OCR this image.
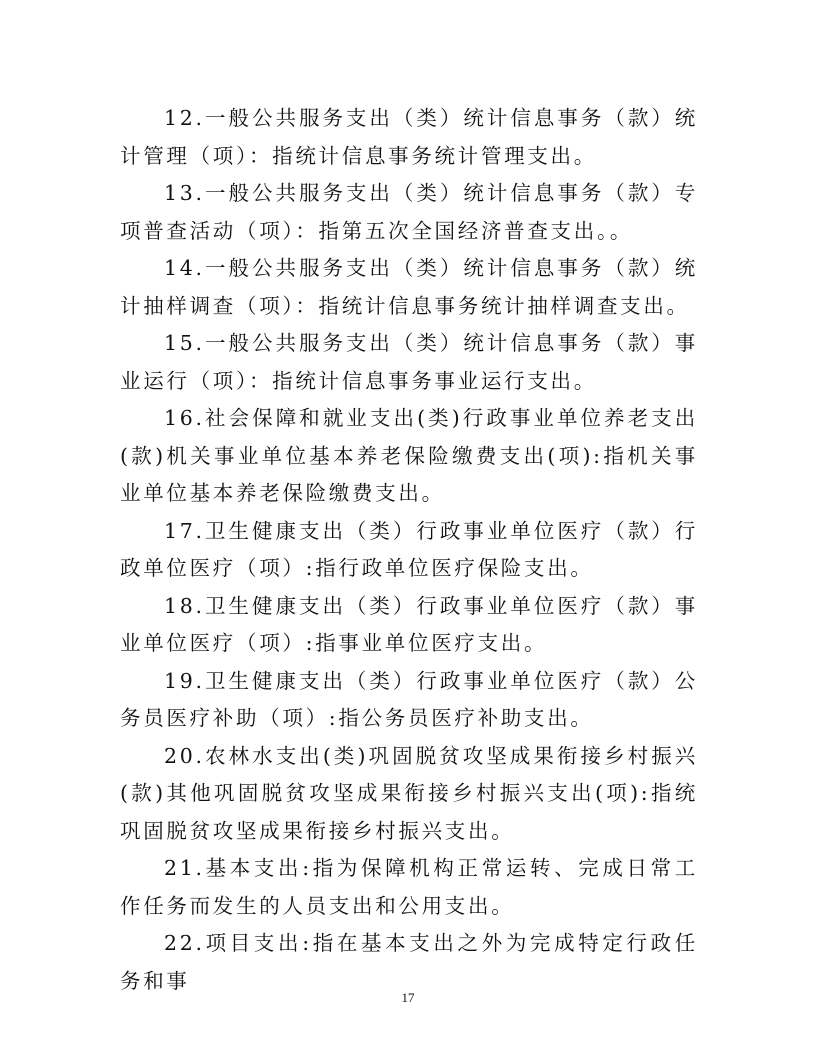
12.一般公共服务支出（类）统计信息事务（款）统计管理（项）：指统计信息事务统计管理支出。

13.一般公共服务支出（类）统计信息事务（款）专项普查活动（项）：指第五次全国经济普查支出。。

14.一般公共服务支出（类）统计信息事务（款）统计抽样调查（项）：指统计信息事务统计抽样调查支出。

15.一般公共服务支出（类）统计信息事务（款）事业运行（项）：指统计信息事务事业运行支出。

16.社会保障和就业支出(类)行政事业单位养老支出(款)机关事业单位基本养老保险缴费支出(项):指机关事业单位基本养老保险缴费支出。

17.卫生健康支出（类）行政事业单位医疗（款）行政单位医疗（项）:指行政单位医疗保险支出。

18.卫生健康支出（类）行政事业单位医疗（款）事业单位医疗（项）:指事业单位医疗支出。

19.卫生健康支出（类）行政事业单位医疗（款）公务员医疗补助（项）:指公务员医疗补助支出。

20.农林水支出(类)巩固脱贫攻坚成果衔接乡村振兴(款)其他巩固脱贫攻坚成果衔接乡村振兴支出(项):指统巩固脱贫攻坚成果衔接乡村振兴支出。

21.基本支出:指为保障机构正常运转、完成日常工作任务而发生的人员支出和公用支出。

22.项目支出:指在基本支出之外为完成特定行政任务和事

17
